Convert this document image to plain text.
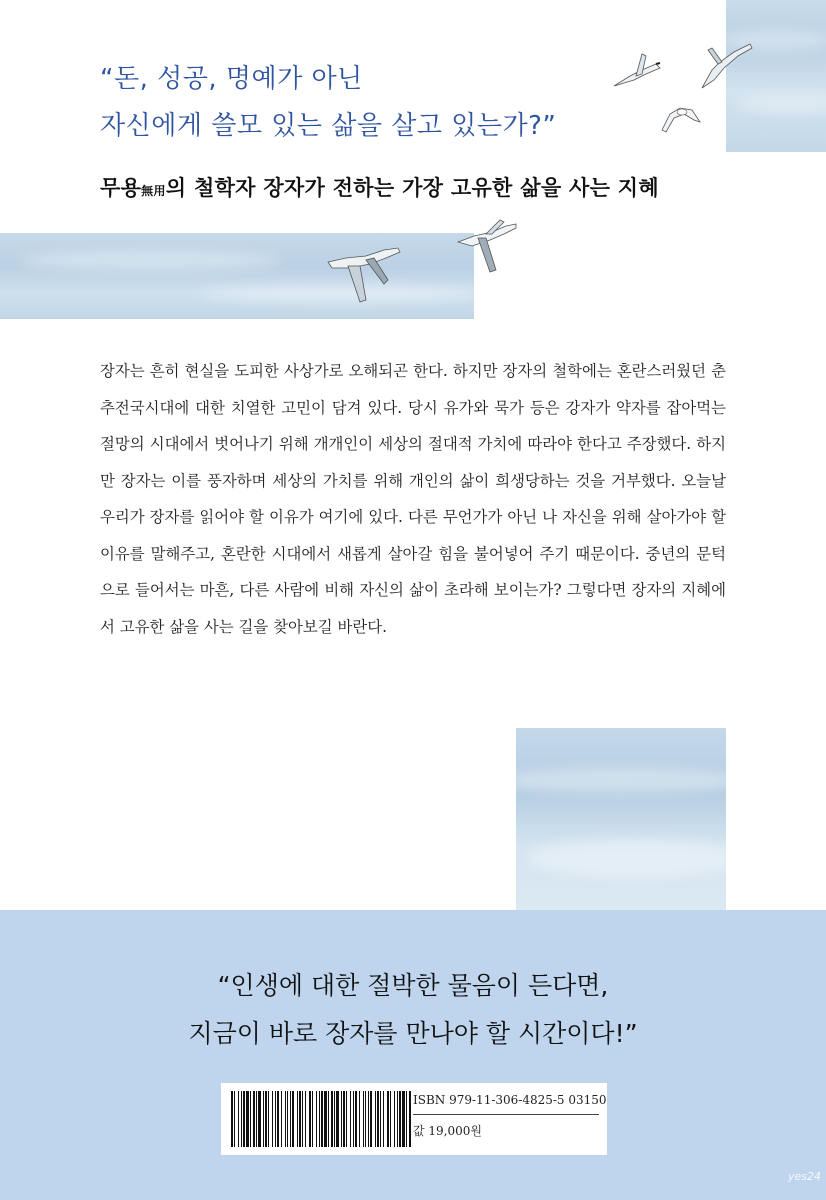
“돈, 성공, 명예가 아닌
자신에게 쓸모 있는 삶을 살고 있는가?”
무용無用의 철학자 장자가 전하는 가장 고유한 삶을 사는 지혜

장자는 흔히 현실을 도피한 사상가로 오해되곤 한다. 하지만 장자의 철학에는 혼란스러웠던 춘추전국시대에 대한 치열한 고민이 담겨 있다. 당시 유가와 묵가 등은 강자가 약자를 잡아먹는 절망의 시대에서 벗어나기 위해 개개인이 세상의 절대적 가치에 따라야 한다고 주장했다. 하지만 장자는 이를 풍자하며 세상의 가치를 위해 개인의 삶이 희생당하는 것을 거부했다. 오늘날 우리가 장자를 읽어야 할 이유가 여기에 있다. 다른 무언가가 아닌 나 자신을 위해 살아가야 할 이유를 말해주고, 혼란한 시대에서 새롭게 살아갈 힘을 불어넣어 주기 때문이다. 중년의 문턱으로 들어서는 마흔, 다른 사람에 비해 자신의 삶이 초라해 보이는가? 그렇다면 장자의 지혜에서 고유한 삶을 사는 길을 찾아보길 바란다.

“인생에 대한 절박한 물음이 든다면,
지금이 바로 장자를 만나야 할 시간이다!”

ISBN 979-11-306-4825-5 03150
값 19,000원
yes24
